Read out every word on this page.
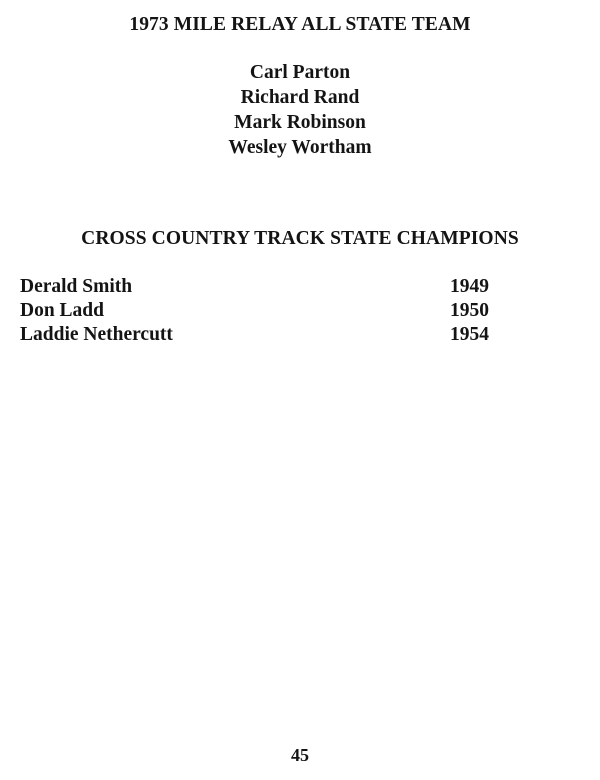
1973 MILE RELAY ALL STATE TEAM
Carl Parton
Richard Rand
Mark Robinson
Wesley Wortham
CROSS COUNTRY TRACK STATE CHAMPIONS
Derald Smith	1949
Don Ladd	1950
Laddie Nethercutt	1954
45
